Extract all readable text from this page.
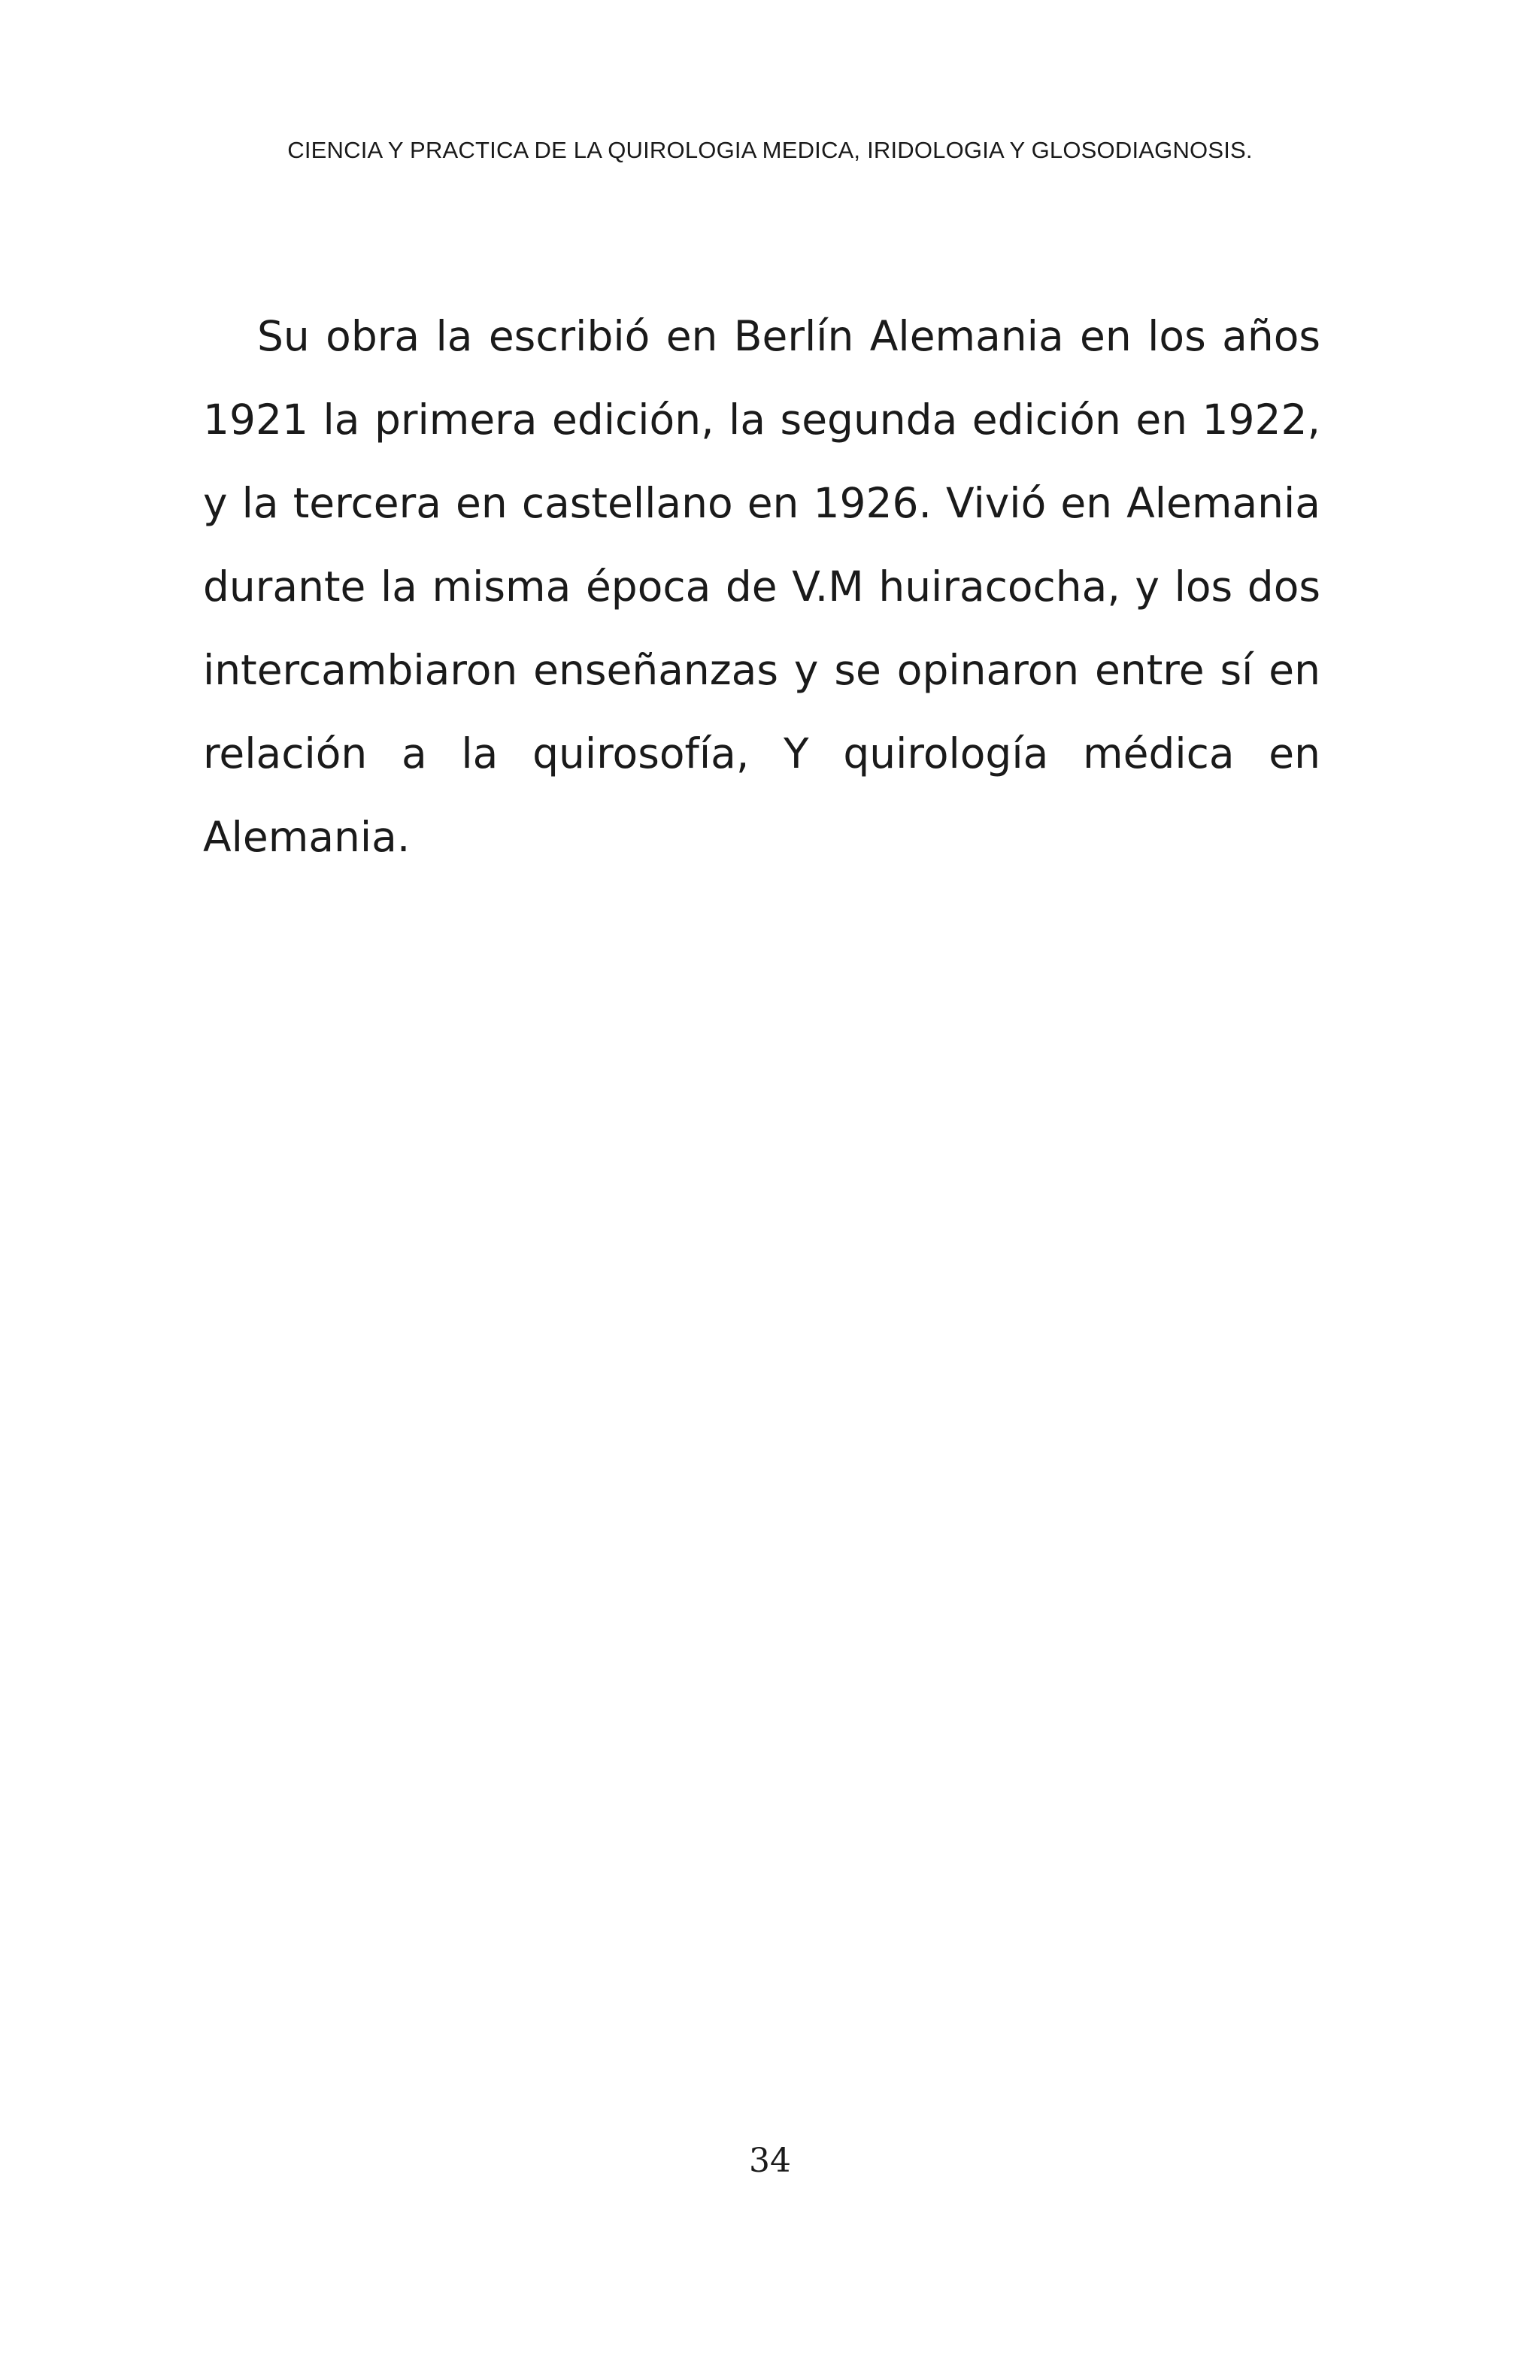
CIENCIA Y PRACTICA DE LA QUIROLOGIA MEDICA, IRIDOLOGIA Y GLOSODIAGNOSIS.

Su obra la escribió en Berlín Alemania en los años 1921 la primera edición, la segunda edición en 1922, y la tercera en castellano en 1926. Vivió en Alemania durante la misma época de V.M huiracocha, y los dos intercambiaron enseñanzas y se opinaron entre sí en relación a la quirosofía, Y quirología médica en Alemania.

34
